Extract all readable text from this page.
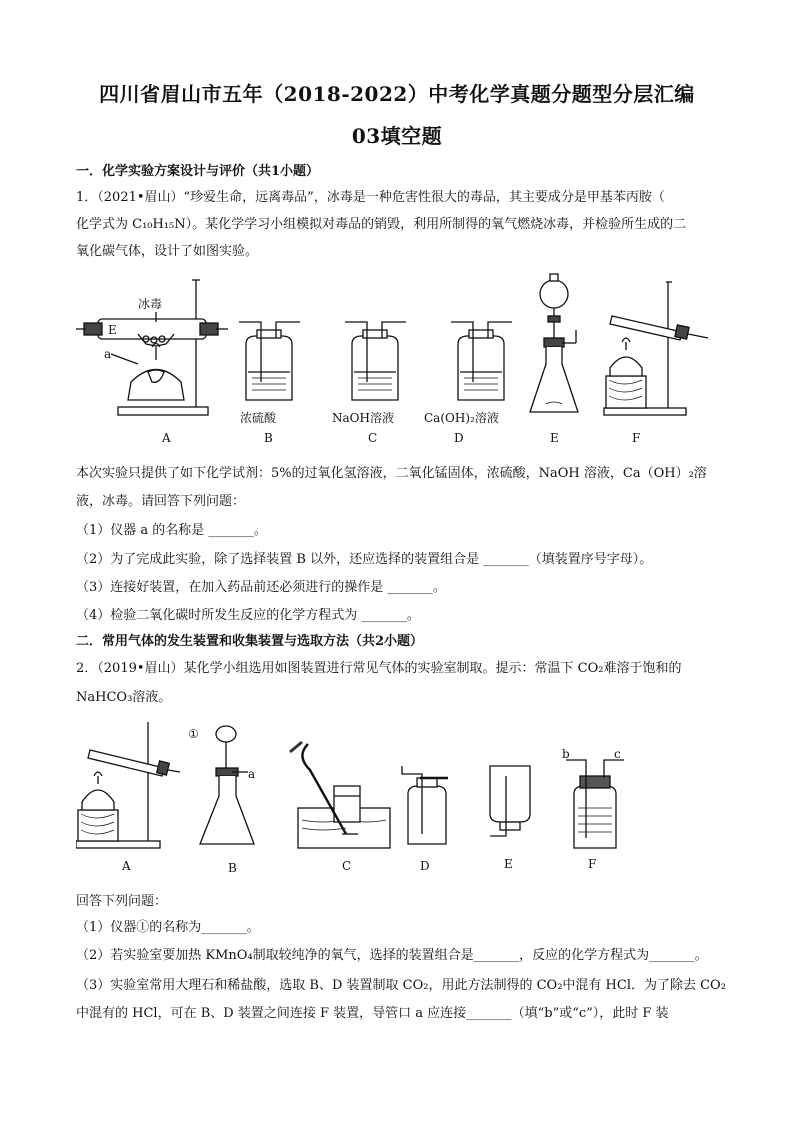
四川省眉山市五年（2018-2022）中考化学真题分题型分层汇编
03填空题
一．化学实验方案设计与评价（共1小题）
1．（2021•眉山）“珍爱生命，远离毒品”，冰毒是一种危害性很大的毒品，其主要成分是甲基苯丙胺（
化学式为 C₁₀H₁₅N）。某化学学习小组模拟对毒品的销毁，利用所制得的氧气燃烧冰毒，并检验所生成的二
氧化碳气体，设计了如图实验。
E
冰毒
a
A
浓硫酸
B
NaOH溶液
C
Ca(OH)₂溶液
D	E	F
本次实验只提供了如下化学试剂：5%的过氧化氢溶液，二氧化锰固体，浓硫酸，NaOH 溶液，Ca（OH）₂溶
液，冰毒。请回答下列问题：
（1）仪器 a 的名称是 _______。
（2）为了完成此实验，除了选择装置 B 以外，还应选择的装置组合是 _______（填装置序号字母）。
（3）连接好装置，在加入药品前还必须进行的操作是 _______。
（4）检验二氧化碳时所发生反应的化学方程式为 _______。
二．常用气体的发生装置和收集装置与选取方法（共2小题）
2．（2019•眉山）某化学小组选用如图装置进行常见气体的实验室制取。提示：常温下 CO₂难溶于饱和的
NaHCO₃溶液。
A
①
a
B	C	D	E
b	c
F
回答下列问题：
（1）仪器①的名称为_______。
（2）若实验室要加热 KMnO₄制取较纯净的氧气，选择的装置组合是_______，反应的化学方程式为_______。
（3）实验室常用大理石和稀盐酸，选取 B、D 装置制取 CO₂，用此方法制得的 CO₂中混有 HCl．为了除去 CO₂
中混有的 HCl，可在 B、D 装置之间连接 F 装置，导管口 a 应连接_______（填“b”或“c”），此时 F 装
